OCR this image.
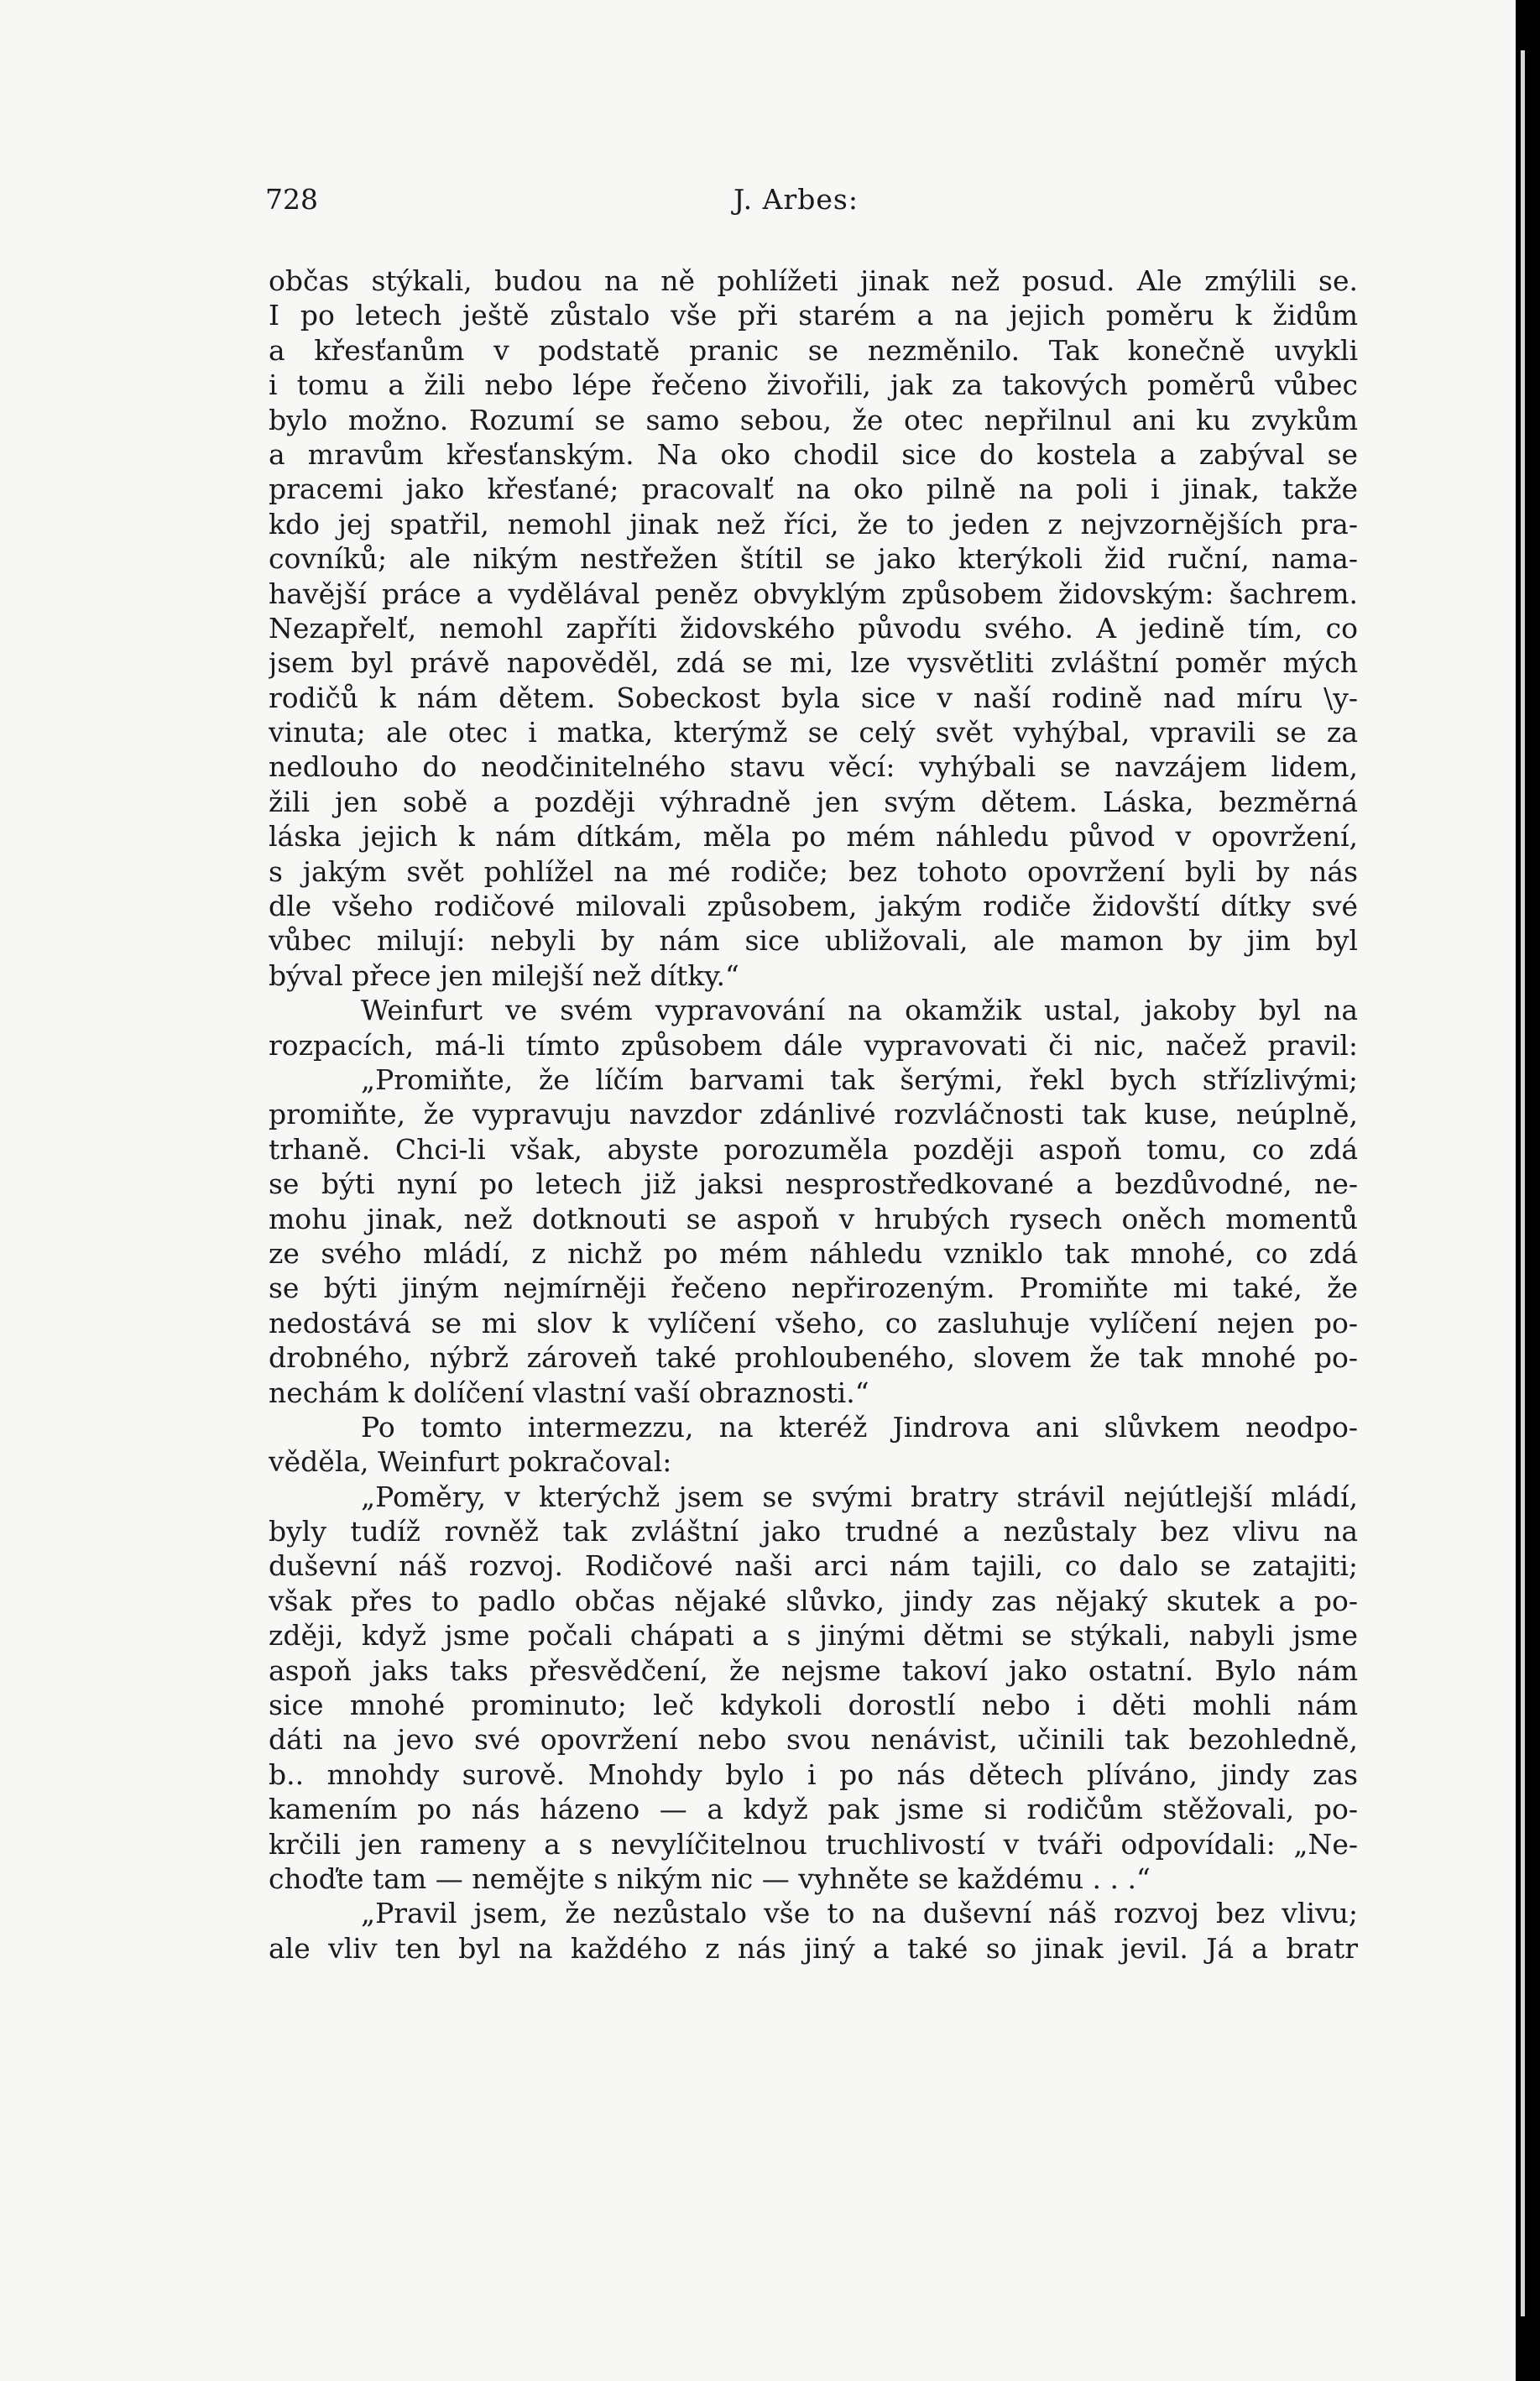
728	J. Arbes:
občas stýkali, budou na ně pohlížeti jinak než posud. Ale zmýlili se.
I po letech ještě zůstalo vše při starém a na jejich poměru k židům
a křesťanům v podstatě pranic se nezměnilo. Tak konečně uvykli
i tomu a žili nebo lépe řečeno živořili, jak za takových poměrů vůbec
bylo možno. Rozumí se samo sebou, že otec nepřilnul ani ku zvykům
a mravům křesťanským. Na oko chodil sice do kostela a zabýval se
pracemi jako křesťané; pracovalť na oko pilně na poli i jinak, takže
kdo jej spatřil, nemohl jinak než říci, že to jeden z nejvzornějších pra-
covníků; ale nikým nestřežen štítil se jako kterýkoli žid ruční, nama-
havější práce a vydělával peněz obvyklým způsobem židovským: šachrem.
Nezapřelť, nemohl zapříti židovského původu svého. A jedině tím, co
jsem byl právě napověděl, zdá se mi, lze vysvětliti zvláštní poměr mých
rodičů k nám dětem. Sobeckost byla sice v naší rodině nad míru \y-
vinuta; ale otec i matka, kterýmž se celý svět vyhýbal, vpravili se za
nedlouho do neodčinitelného stavu věcí: vyhýbali se navzájem lidem,
žili jen sobě a později výhradně jen svým dětem. Láska, bezměrná
láska jejich k nám dítkám, měla po mém náhledu původ v opovržení,
s jakým svět pohlížel na mé rodiče; bez tohoto opovržení byli by nás
dle všeho rodičové milovali způsobem, jakým rodiče židovští dítky své
vůbec milují: nebyli by nám sice ubližovali, ale mamon by jim byl
býval přece jen milejší než dítky.“
Weinfurt ve svém vypravování na okamžik ustal, jakoby byl na
rozpacích, má-li tímto způsobem dále vypravovati či nic, načež pravil:
„Promiňte, že líčím barvami tak šerými, řekl bych střízlivými;
promiňte, že vypravuju navzdor zdánlivé rozvláčnosti tak kuse, neúplně,
trhaně. Chci-li však, abyste porozuměla později aspoň tomu, co zdá
se býti nyní po letech již jaksi nesprostředkované a bezdůvodné, ne-
mohu jinak, než dotknouti se aspoň v hrubých rysech oněch momentů
ze svého mládí, z nichž po mém náhledu vzniklo tak mnohé, co zdá
se býti jiným nejmírněji řečeno nepřirozeným. Promiňte mi také, že
nedostává se mi slov k vylíčení všeho, co zasluhuje vylíčení nejen po-
drobného, nýbrž zároveň také prohloubeného, slovem že tak mnohé po-
nechám k dolíčení vlastní vaší obraznosti.“
Po tomto intermezzu, na kteréž Jindrova ani slůvkem neodpo-
věděla, Weinfurt pokračoval:
„Poměry, v kterýchž jsem se svými bratry strávil nejútlejší mládí,
byly tudíž rovněž tak zvláštní jako trudné a nezůstaly bez vlivu na
duševní náš rozvoj. Rodičové naši arci nám tajili, co dalo se zatajiti;
však přes to padlo občas nějaké slůvko, jindy zas nějaký skutek a po-
zději, když jsme počali chápati a s jinými dětmi se stýkali, nabyli jsme
aspoň jaks taks přesvědčení, že nejsme takoví jako ostatní. Bylo nám
sice mnohé prominuto; leč kdykoli dorostlí nebo i děti mohli nám
dáti na jevo své opovržení nebo svou nenávist, učinili tak bezohledně,
b.. mnohdy surově. Mnohdy bylo i po nás dětech plíváno, jindy zas
kamením po nás házeno — a když pak jsme si rodičům stěžovali, po-
krčili jen rameny a s nevylíčitelnou truchlivostí v tváři odpovídali: „Ne-
choďte tam — nemějte s nikým nic — vyhněte se každému . . .“
„Pravil jsem, že nezůstalo vše to na duševní náš rozvoj bez vlivu;
ale vliv ten byl na každého z nás jiný a také so jinak jevil. Já a bratr
